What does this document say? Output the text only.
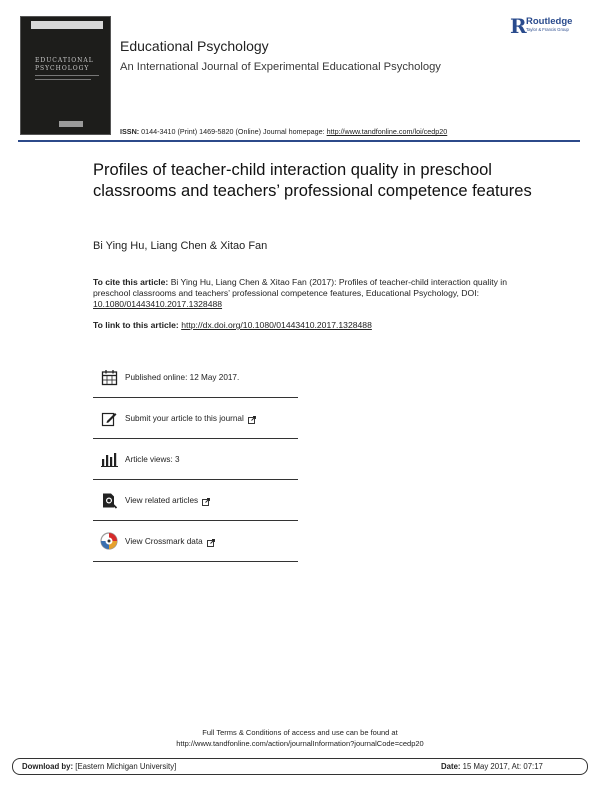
EDUCATIONAL
PSYCHOLOGY
Educational Psychology
An International Journal of Experimental Educational Psychology
ISSN: 0144-3410 (Print) 1469-5820 (Online) Journal homepage: http://www.tandfonline.com/loi/cedp20
R Routledge
Taylor & Francis Group
Profiles of teacher-child interaction quality in preschool classrooms and teachers’ professional competence features
Bi Ying Hu, Liang Chen & Xitao Fan
To cite this article: Bi Ying Hu, Liang Chen & Xitao Fan (2017): Profiles of teacher-child interaction quality in preschool classrooms and teachers’ professional competence features, Educational Psychology, DOI: 10.1080/01443410.2017.1328488
To link to this article: http://dx.doi.org/10.1080/01443410.2017.1328488
Published online: 12 May 2017.
Submit your article to this journal
Article views: 3
View related articles
View Crossmark data
Full Terms & Conditions of access and use can be found at
http://www.tandfonline.com/action/journalInformation?journalCode=cedp20
Download by: [Eastern Michigan University]	Date: 15 May 2017, At: 07:17
